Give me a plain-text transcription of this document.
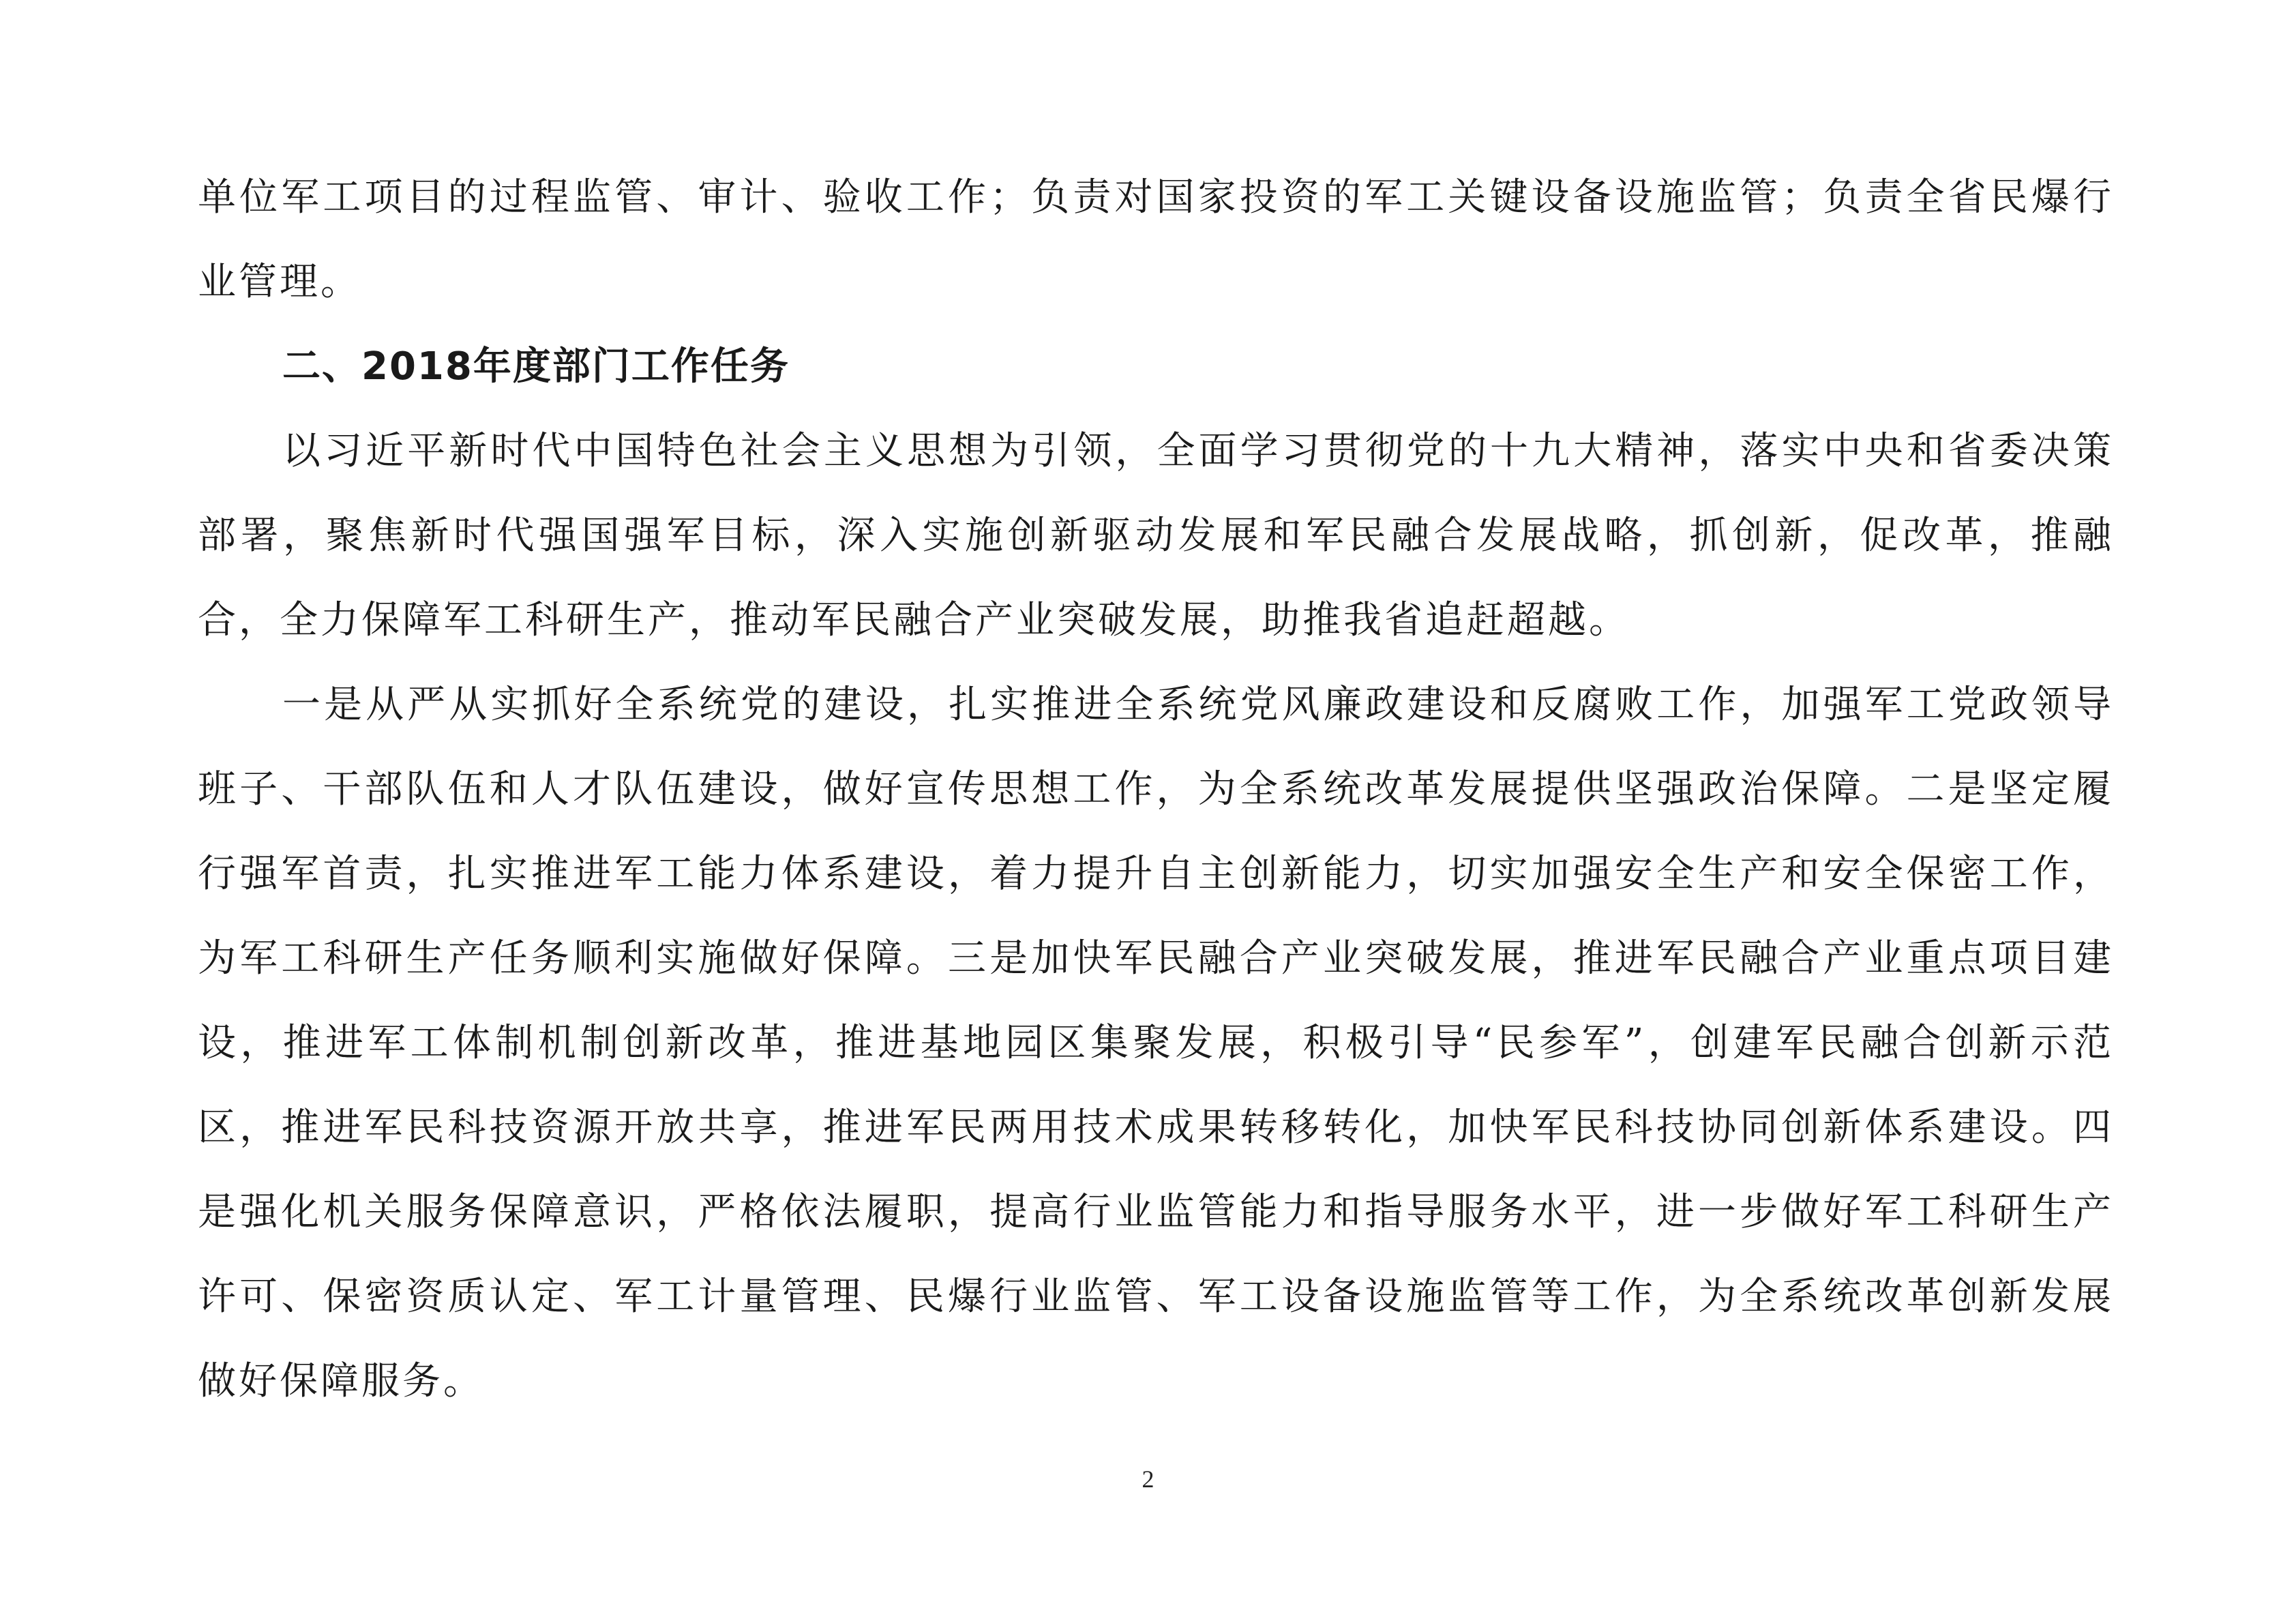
单位军工项目的过程监管、审计、验收工作；负责对国家投资的军工关键设备设施监管；负责全省民爆行业管理。

二、2018年度部门工作任务

以习近平新时代中国特色社会主义思想为引领，全面学习贯彻党的十九大精神，落实中央和省委决策部署，聚焦新时代强国强军目标，深入实施创新驱动发展和军民融合发展战略，抓创新，促改革，推融合，全力保障军工科研生产，推动军民融合产业突破发展，助推我省追赶超越。

一是从严从实抓好全系统党的建设，扎实推进全系统党风廉政建设和反腐败工作，加强军工党政领导班子、干部队伍和人才队伍建设，做好宣传思想工作，为全系统改革发展提供坚强政治保障。二是坚定履行强军首责，扎实推进军工能力体系建设，着力提升自主创新能力，切实加强安全生产和安全保密工作，为军工科研生产任务顺利实施做好保障。三是加快军民融合产业突破发展，推进军民融合产业重点项目建设，推进军工体制机制创新改革，推进基地园区集聚发展，积极引导“民参军”，创建军民融合创新示范区，推进军民科技资源开放共享，推进军民两用技术成果转移转化，加快军民科技协同创新体系建设。四是强化机关服务保障意识，严格依法履职，提高行业监管能力和指导服务水平，进一步做好军工科研生产许可、保密资质认定、军工计量管理、民爆行业监管、军工设备设施监管等工作，为全系统改革创新发展做好保障服务。

2
